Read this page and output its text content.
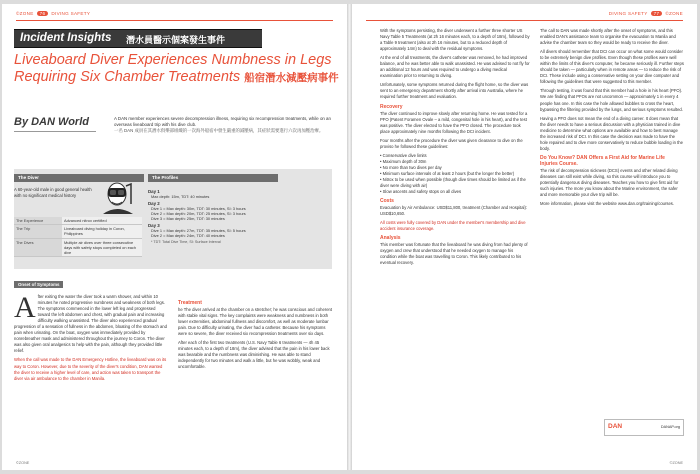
©ZONE 76 DIVING SAFETY
Incident Insights 潛水員醫示個案發生事件
Liveaboard Diver Experiences Numbness in Legs
Requiring Six Chamber Treatments 船宿潛水減壓病事件
By DAN World	A DAN member experiences severe decompression illness, requiring six recompression treatments, while on an overseas liveaboard trip with his dive club.
一名 DAN 成員在其潛水俱樂部組織的一次海外船宿中發生嚴重的減壓病，其症狀需要進行六次再加壓治療。
The Diver	The Profiles
A 60-year-old male in good general health with no significant medical history
The Experience	Advanced nitrox certified
The Trip	Liveaboard diving holiday in Coron, Philippines
The Dives	Multiple air dives over three consecutive days with safety stops completed on each dive
Day 1
Max depth: 15m, TDT: 40 minutes
Day 2
Dive 1 = Max depth: 30m, TDT: 30 minutes, SI: 3 hours
Dive 2 = Max depth: 20m, TDT: 25 minutes, SI: 3 hours
Dive 3 = Max depth: 25m, TDT: 30 minutes
Day 3
Dive 1 = Max depth: 27m, TDT: 35 minutes, SI: 5 hours
Dive 2 = Max depth: 24m, TDT: 40 minutes
* TDT: Total Dive Time, SI: Surface Interval
Onset of Symptoms

After exiting the water the diver took a warm shower, and within 10 minutes he noted progressive numbness and weakness of both legs. The symptoms commenced in the lower left leg and progressed toward the left abdomen and chest, with gradual pain and increasing difficulty walking unassisted. The diver also experienced gradual progression of a sensation of fullness in the abdomen, bloating of the stomach and pain when urinating. On the boat, oxygen was immediately provided by nonrebreather mask and administered throughout the journey to Coron. The diver was also given oral analgesics to help with the pain, although they provided little relief.

When the call was made to the DAN Emergency Hotline, the liveaboard was on its way to Coron. However, due to the severity of the diver's condition, DAN wanted the diver to receive a higher level of care, and action was taken to transport the diver via air ambulance to the chamber in Manila.

Treatment

he The diver arrived at the chamber on a stretcher; he was conscious and coherent with stable vital signs. The key complaints were weakness and numbness in both lower extremities, abdominal fullness and discomfort, as well as moderate lumbar pain. Due to difficulty urinating, the diver had a catheter. Because his symptoms were so severe, the diver received six recompression treatments over six days.

After each of the first two treatments (U.S. Navy Table 6 treatments — 4h 45 minutes each, to a depth of 18m), the diver advised that the pain in his lower back was bearable and the numbness was diminishing. He was able to stand independently for two minutes and walk a little, but he was wobbly, weak and uncomfortable.

©ZONE
DIVING SAFETY 77 ©ZONE

With the symptoms persisting, the diver underwent a further three shorter US Navy Table 5 Treatments (at 2h 16 minutes each, to a depth of 18m), followed by a Table 9 treatment (also at 2h 16 minutes, but to a reduced depth of approximately 14m) to deal with the residual symptoms.

At the end of all treatments, the diver's catheter was removed, he had improved balance, and he was better able to walk unassisted. He was advised to not fly for an additional 12 hours and was required to undergo a diving medical examination prior to returning to diving.

Unfortunately, some symptoms returned during the flight home, so the diver was sent to an emergency department shortly after arrival into Australia, where he required further treatment and evaluation.

Recovery

The diver continued to improve slowly after returning home. He was tested for a PFO (Patent Foramen Ovale – a mild, congenital hole in his heart), and the test was positive. The diver elected to have the PFO closed. The procedure took place approximately nine months following the DCI incident.

Four months after the procedure the diver was given clearance to dive on the proviso he followed these guidelines:

• Conservative dive limits
• Maximum depth of 30m
• No more than two dives per day
• Minimum surface intervals of at least 2 hours (but the longer the better)
• Nitrox to be used when possible (though dive times should be limited as if the diver were diving with air)
• Slow ascents and safety stops on all dives
Costs

Evacuation by Air Ambulance: USD$11,800, treatment (Chamber and Hospital): USD$10,650.

All costs were fully covered by DAN under the member's membership and dive accident insurance coverage.

Analysis

This member was fortunate that the liveaboard he was diving from had plenty of oxygen and crew that understood that he needed oxygen to manage his condition while the boat was travelling to Coron. This likely contributed to his eventual recovery.

The call to DAN was made shortly after the onset of symptoms, and this enabled DAN's assistance team to organise the evacuation to Manila and advise the chamber team so they would be ready to receive the diver.

All divers should remember that DCI can occur on what some would consider to be extremely benign dive profiles. Even though these profiles were well within the limits of this diver's computer, he became seriously ill. Further steps should be taken — particularly when in remote areas — to reduce the risk of DCI. These include using a conservative setting on your dive computer and following the guidelines that were suggested to this member.

Through testing, it was found that this member had a hole in his heart (PFO). We are finding that PFOs are not uncommon — approximately 1 in every 4 people has one. In this case the hole allowed bubbles to cross the heart, bypassing the filtering provided by the lungs, and serious symptoms resulted.

Having a PFO does not mean the end of a diving career. It does mean that the diver needs to have a serious discussion with a physician trained in dive medicine to determine what options are available and how to best manage the increased risk of DCI. In this case the decision was made to have the hole repaired and to dive more conservatively to reduce bubble loading in the body.

Do You Know? DAN Offers a First Aid for Marine Life Injuries Course.

The risk of decompression sickness (DCS) events and other related diving diseases can still exist while diving, so this course will introduce you to potentially dangerous diving diseases. Teaches you how to give first aid for such injuries. The more you know about the Marine environment, the safer and more memorable your dive trip will be.

More information, please visit the website www.dan.org/training/courses.

DAN	DANAP.org
©ZONE
